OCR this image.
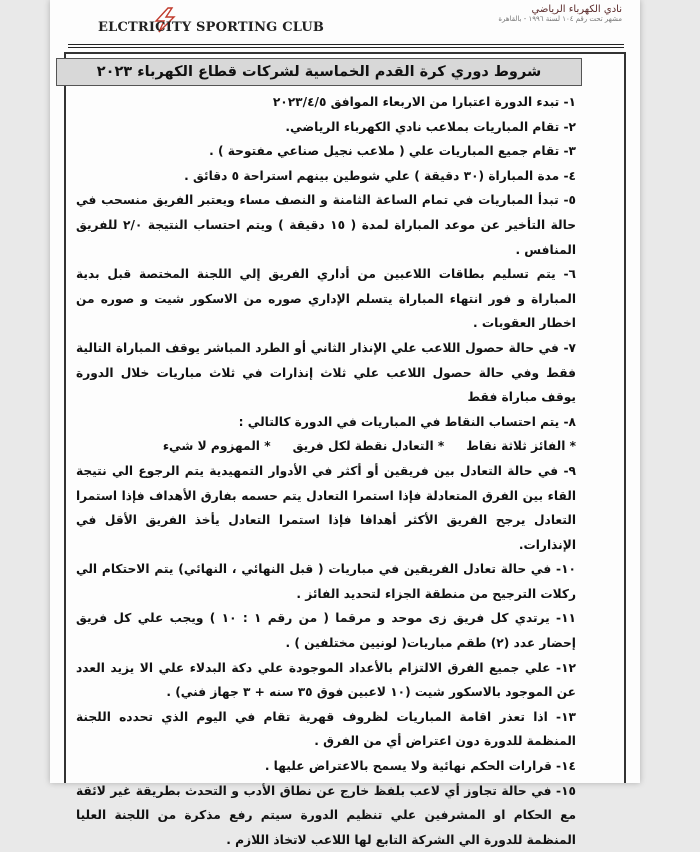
ELCTRICITY SPORTING CLUB
نادي الكهرباء الرياضي
مشهر تحت رقم ١٠٤ لسنة ١٩٩٦ - بالقاهرة
شروط دوري كرة القدم الخماسية لشركات قطاع الكهرباء ٢٠٢٣

١- تبدء الدورة اعتبارا من الاربعاء الموافق ٢٠٢٣/٤/٥

٢- تقام المباريات بملاعب نادي الكهرباء الرياضي.

٣- تقام جميع المباريات علي ( ملاعب نجيل صناعي مفتوحة ) .

٤- مدة المباراة (٣٠ دقيقة ) علي شوطين بينهم استراحة ٥ دقائق .

٥- تبدأ المباريات في تمام الساعة الثامنة و النصف مساء ويعتبر الفريق منسحب في حالة التأخير عن موعد المباراة لمدة ( ١٥ دقيقة ) ويتم احتساب النتيجة ٢/٠ للفريق المنافس .

٦- يتم تسليم بطاقات اللاعبين من أداري الفريق إلي اللجنة المختصة قبل بدية المباراة و فور انتهاء المباراة يتسلم الإداري صوره من الاسكور شيت و صوره من اخطار العقوبات .

٧- في حالة حصول اللاعب علي الإنذار الثاني أو الطرد المباشر يوقف المباراة التالية فقط وفي حالة حصول اللاعب علي ثلاث إنذارات في ثلاث مباريات خلال الدورة يوقف مباراة فقط

٨- يتم احتساب النقاط في المباريات في الدورة كالتالي :

* الفائز ثلاثة نقاط
* التعادل نقطة لكل فريق
* المهزوم لا شيء

٩- في حالة التعادل بين فريقين أو أكثر في الأدوار التمهيدية يتم الرجوع الي نتيجة القاء بين الفرق المتعادلة فإذا استمرا التعادل يتم حسمه بفارق الأهداف فإذا استمرا التعادل يرجح الفريق الأكثر أهدافا فإذا استمرا التعادل يأخذ الفريق الأقل في الإنذارات.

١٠- في حالة تعادل الفريقين في مباريات ( قبل النهائي ، النهائي) يتم الاحتكام الي ركلات الترجيح من منطقة الجزاء لتحديد الفائز .

١١- يرتدي كل فريق زى موحد و مرقما ( من رقم ١ : ١٠ ) ويجب علي كل فريق إحضار عدد (٢) طقم مباريات( لونيين مختلفين ) .

١٢- علي جميع الفرق الالتزام بالأعداد الموجودة علي دكة البدلاء علي الا يزيد العدد عن الموجود بالاسكور شيت (١٠ لاعبين فوق ٣٥ سنه + ٣ جهاز فني) .

١٣- اذا تعذر اقامة المباريات لظروف قهرية تقام في اليوم الذي تحدده اللجنة المنظمة للدورة دون اعتراض أي من الفرق .

١٤- قرارات الحكم نهائية ولا يسمح بالاعتراض عليها .

١٥- في حالة تجاوز أي لاعب بلفظ خارج عن نطاق الأدب و التحدث بطريقة غير لائقة مع الحكام او المشرفين علي تنظيم الدورة سيتم رفع مذكرة من اللجنة العليا المنظمة للدورة الي الشركة التابع لها اللاعب لاتخاذ اللازم .
